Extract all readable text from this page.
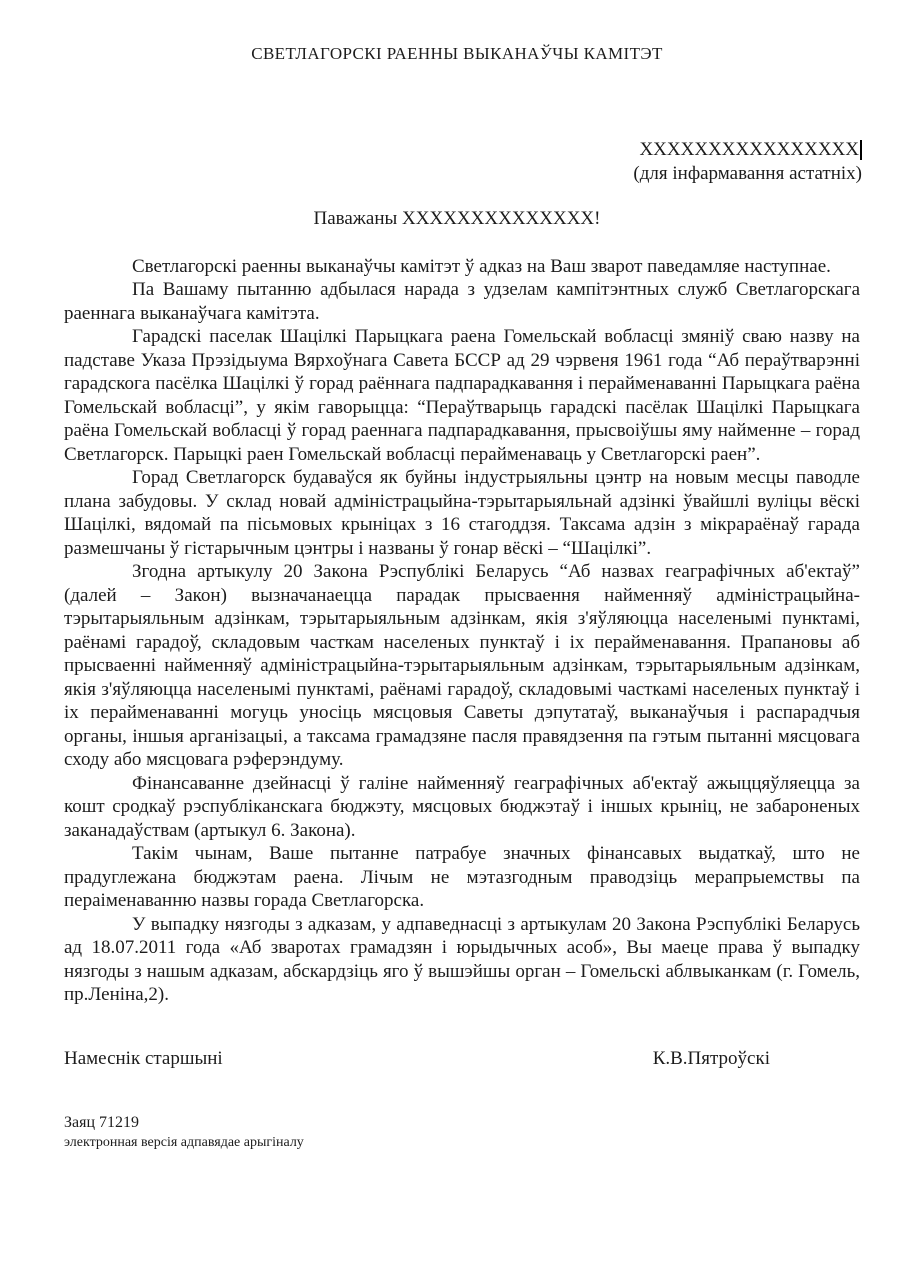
СВЕТЛАГОРСКІ РАЕННЫ ВЫКАНАЎЧЫ КАМІТЭТ
ХХХХХХХХХХХХХХХХ
(для інфармавання астатніх)
Паважаны ХХХХХХХХХХХХХХ!

Светлагорскі раенны выканаўчы камітэт ў адказ на Ваш зварот паведамляе наступнае.

Па Вашаму пытанню адбылася нарада з удзелам кампітэнтных служб Светлагорскага раеннага выканаўчага камітэта.

Гарадскі паселак Шацілкі Парыцкага раена Гомельскай вобласці змяніў сваю назву на падставе Указа Прэзідыума Вярхоўнага Савета БССР ад 29 чэрвеня 1961 года “Аб пераўтварэнні гарадскога пасёлка Шацілкі ў горад раённага падпарадкавання і перайменаванні Парыцкага раёна Гомельскай вобласці”, у якім гаворыцца: “Пераўтварыць гарадскі пасёлак Шацілкі Парыцкага раёна Гомельскай вобласці ў горад раеннага падпарадкавання, прысвоіўшы яму найменне – горад Светлагорск. Парыцкі раен Гомельскай вобласці перайменаваць у Светлагорскі раен”.

Горад Светлагорск будаваўся як буйны індустрыяльны цэнтр на новым месцы паводле плана забудовы. У склад новай адміністрацыйна-тэрытарыяльнай адзінкі ўвайшлі вуліцы вёскі Шацілкі, вядомай па пісьмовых крыніцах з 16 стагоддзя. Таксама адзін з мікрараёнаў гарада размешчаны ў гістарычным цэнтры і названы ў гонар вёскі – “Шацілкі”.

Згодна артыкулу 20 Закона Рэспублікі Беларусь “Аб назвах геаграфічных аб'ектаў” (далей – Закон) вызначанаецца парадак прысваення найменняў адміністрацыйна-тэрытарыяльным адзінкам, тэрытарыяльным адзінкам, якія з'яўляюцца населенымі пунктамі, раёнамі гарадоў, складовым часткам населеных пунктаў і іх перайменавання. Прапановы аб прысваенні найменняў адміністрацыйна-тэрытарыяльным адзінкам, тэрытарыяльным адзінкам, якія з'яўляюцца населенымі пунктамі, раёнамі гарадоў, складовымі часткамі населеных пунктаў і іх перайменаванні могуць уносіць мясцовыя Саветы дэпутатаў, выканаўчыя і распарадчыя органы, іншыя арганізацыі, а таксама грамадзяне пасля правядзення па гэтым пытанні мясцовага сходу або мясцовага рэферэндуму.

Фінансаванне дзейнасці ў галіне найменняў геаграфічных аб'ектаў ажыццяўляецца за кошт сродкаў рэспубліканскага бюджэту, мясцовых бюджэтаў і іншых крыніц, не забароненых заканадаўствам (артыкул 6. Закона).

Такім чынам, Ваше пытанне патрабуе значных фінансавых выдаткаў, што не прадуглежана бюджэтам раена. Лічым не мэтазгодным праводзіць мерапрыемствы па пераіменаванню назвы горада Светлагорска.

У выпадку нязгоды з адказам, у адпаведнасці з артыкулам 20 Закона Рэспублікі Беларусь ад 18.07.2011 года «Аб зваротах грамадзян і юрыдычных асоб», Вы маеце права ў выпадку нязгоды з нашым адказам, абскардзіць яго ў вышэйшы орган – Гомельскі аблвыканкам (г. Гомель, пр.Леніна,2).

Намеснік старшыні	К.В.Пятроўскі
Заяц 71219
электронная версія адпавядае арыгіналу
